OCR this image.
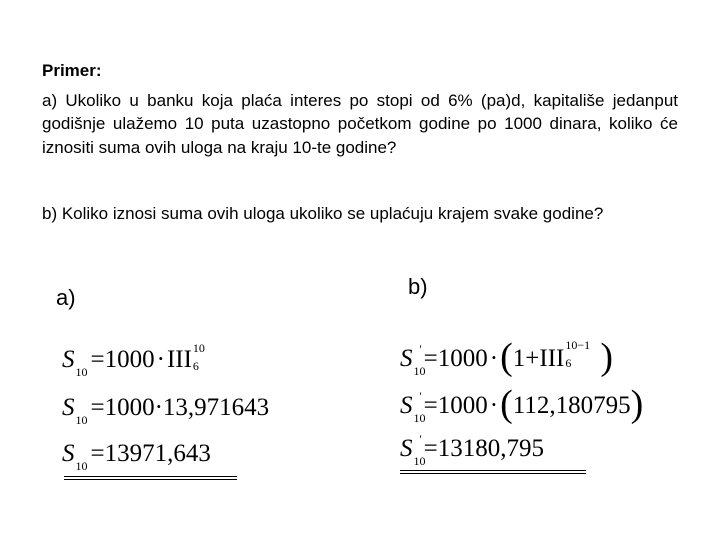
Primer:
a) Ukoliko u banku koja plaća interes po stopi od 6% (pa)d, kapitališe jedanput godišnje ulažemo 10 puta uzastopno početkom godine po 1000 dinara, koliko će iznositi suma ovih uloga na kraju 10-te godine?
b) Koliko iznosi suma ovih uloga ukoliko se uplaćuju krajem svake godine?
a)	b)
$S_{10} =1000\cdot III$ 10
6
$S_{10} =1000\cdot 13,971643$
$S_{10} =13971,643$
$S_{10}'=1000\cdot(1+III$ 10−1
6 )
$S_{10}'=1000\cdot(112,180795)$
$S_{10}'=13180,795$
